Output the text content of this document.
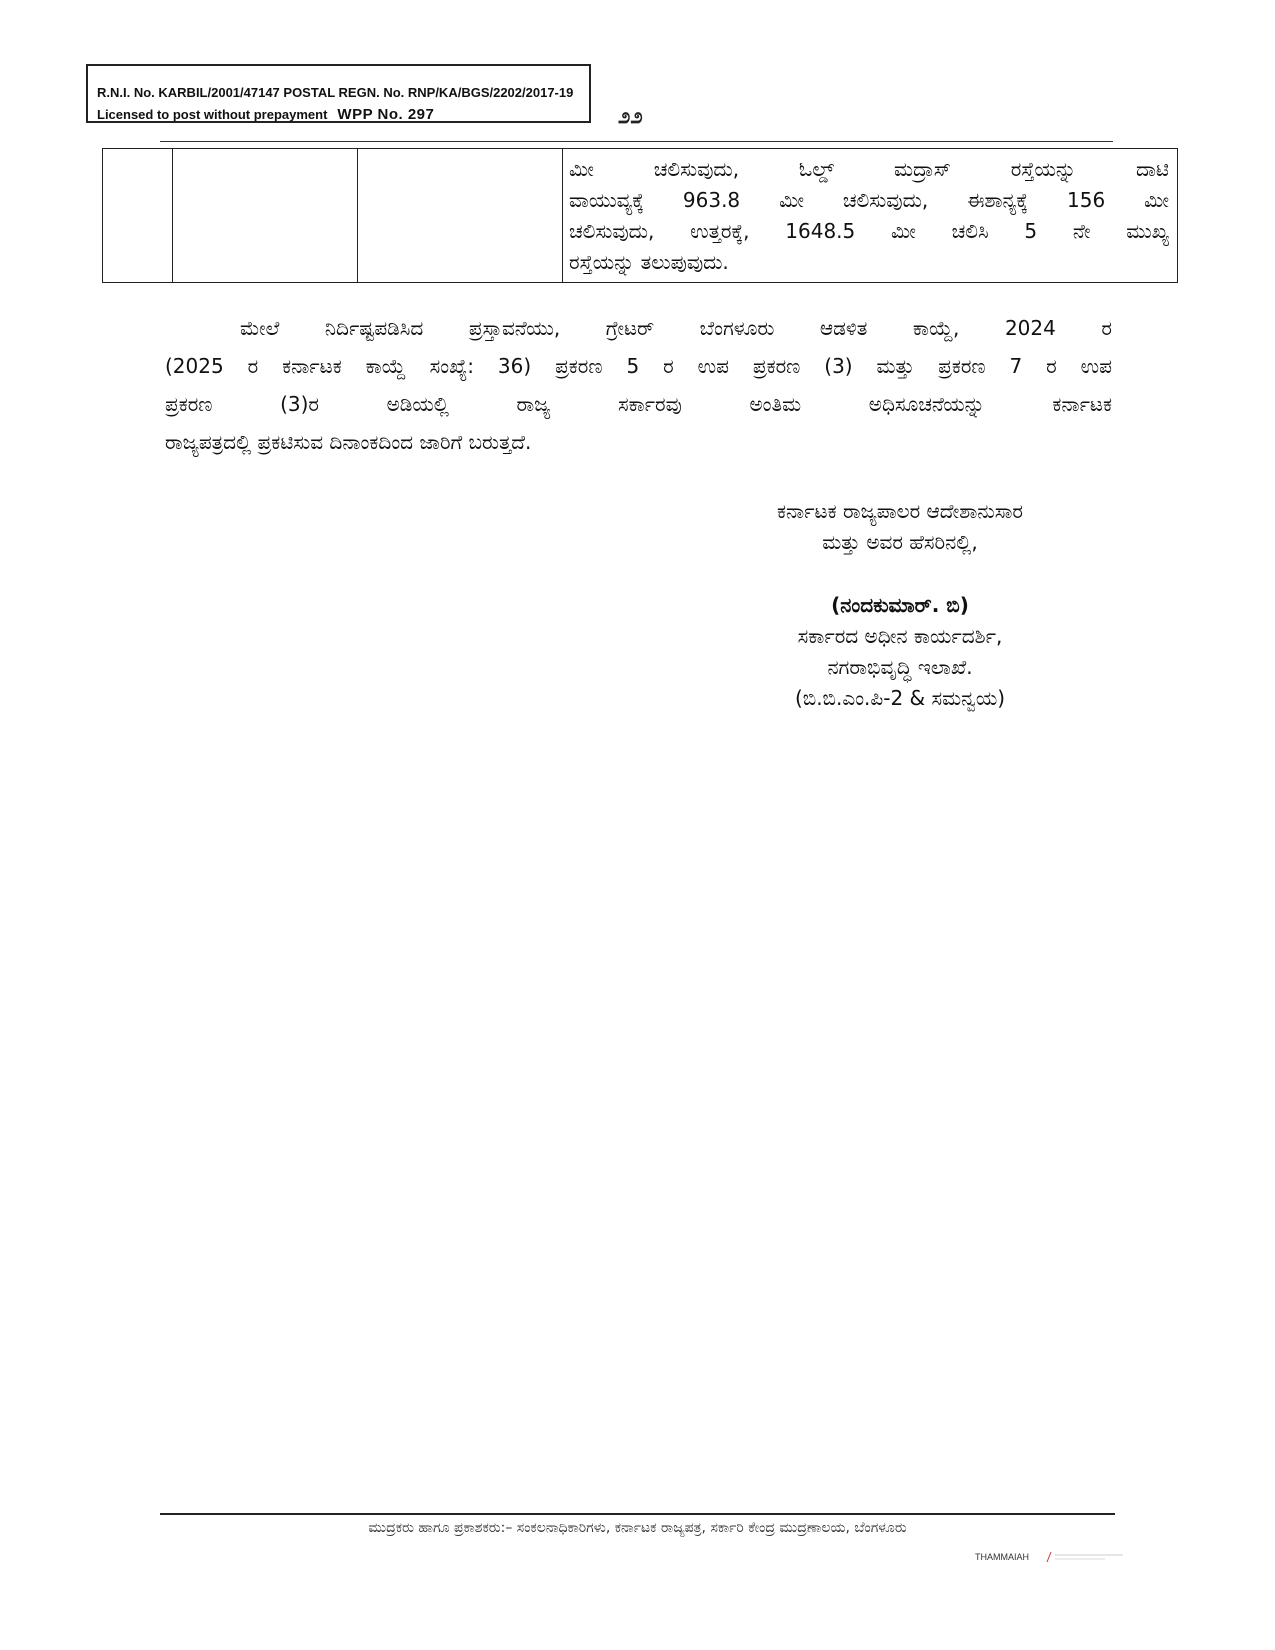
R.N.I. No. KARBIL/2001/47147 POSTAL REGN. No. RNP/KA/BGS/2202/2017-19
Licensed to post without prepayment WPP No. 297	೨೨

ಮೀ ಚಲಿಸುವುದು, ಓಲ್ಡ್ ಮದ್ರಾಸ್ ರಸ್ತೆಯನ್ನು ದಾಟಿ
ವಾಯುವ್ಯಕ್ಕೆ 963.8 ಮೀ ಚಲಿಸುವುದು, ಈಶಾನ್ಯಕ್ಕೆ 156 ಮೀ
ಚಲಿಸುವುದು, ಉತ್ತರಕ್ಕೆ, 1648.5 ಮೀ ಚಲಿಸಿ 5 ನೇ ಮುಖ್ಯ
ರಸ್ತೆಯನ್ನು ತಲುಪುವುದು.
ಮೇಲೆ ನಿರ್ದಿಷ್ಟಪಡಿಸಿದ ಪ್ರಸ್ತಾವನೆಯು, ಗ್ರೇಟರ್ ಬೆಂಗಳೂರು ಆಡಳಿತ ಕಾಯ್ದೆ, 2024 ರ
(2025 ರ ಕರ್ನಾಟಕ ಕಾಯ್ದೆ ಸಂಖ್ಯೆ: 36) ಪ್ರಕರಣ 5 ರ ಉಪ ಪ್ರಕರಣ (3) ಮತ್ತು ಪ್ರಕರಣ 7 ರ ಉಪ
ಪ್ರಕರಣ (3)ರ ಅಡಿಯಲ್ಲಿ ರಾಜ್ಯ ಸರ್ಕಾರವು ಅಂತಿಮ ಅಧಿಸೂಚನೆಯನ್ನು ಕರ್ನಾಟಕ
ರಾಜ್ಯಪತ್ರದಲ್ಲಿ ಪ್ರಕಟಿಸುವ ದಿನಾಂಕದಿಂದ ಜಾರಿಗೆ ಬರುತ್ತದೆ.
ಕರ್ನಾಟಕ ರಾಜ್ಯಪಾಲರ ಆದೇಶಾನುಸಾರ
ಮತ್ತು ಅವರ ಹೆಸರಿನಲ್ಲಿ,
(ನಂದಕುಮಾರ್. ಬಿ)
ಸರ್ಕಾರದ ಅಧೀನ ಕಾರ್ಯದರ್ಶಿ,
ನಗರಾಭಿವೃದ್ಧಿ ಇಲಾಖೆ.
(ಬಿ.ಬಿ.ಎಂ.ಪಿ-2 & ಸಮನ್ವಯ)
ಮುದ್ರಕರು ಹಾಗೂ ಪ್ರಕಾಶಕರು:– ಸಂಕಲನಾಧಿಕಾರಿಗಳು, ಕರ್ನಾಟಕ ರಾಜ್ಯಪತ್ರ, ಸರ್ಕಾರಿ ಕೇಂದ್ರ ಮುದ್ರಣಾಲಯ, ಬೆಂಗಳೂರು
THAMMAIAH
